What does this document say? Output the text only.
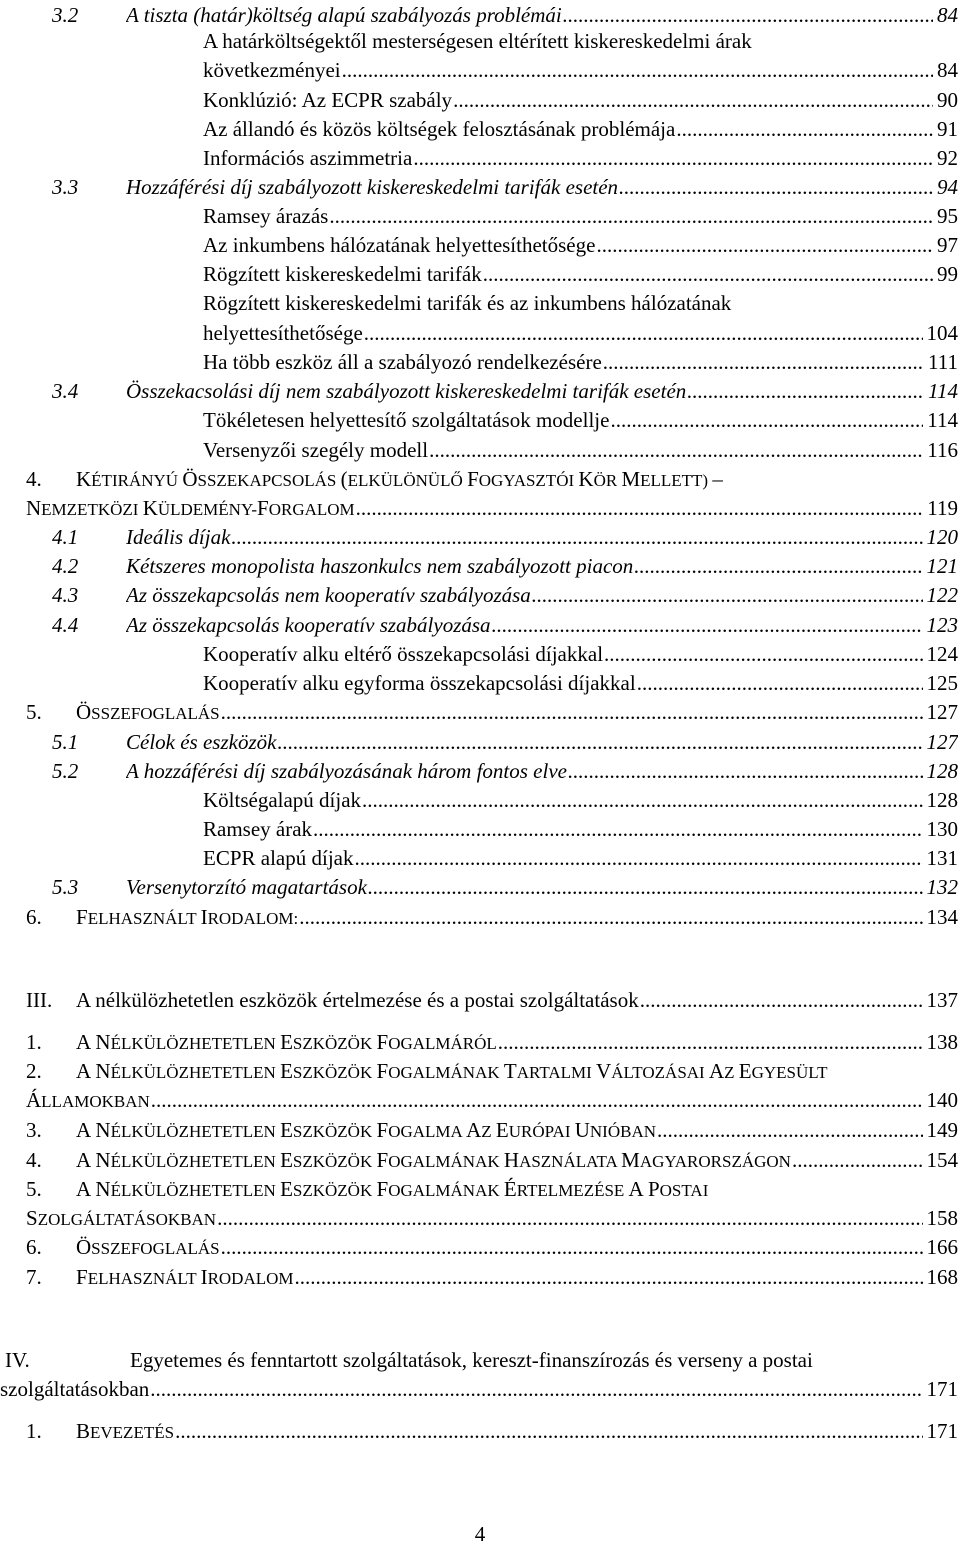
3.2 A tiszta (határ)költség alapú szabályozás problémái .....	84
A határköltségektől mesterségesen eltérített kiskereskedelmi árak
következményei .....	84
Konklúzió: Az ECPR szabály .....	90
Az állandó és közös költségek felosztásának problémája .....	91
Információs aszimmetria .....	92
3.3 Hozzáférési díj szabályozott kiskereskedelmi tarifák esetén .....	94
Ramsey árazás .....	95
Az inkumbens hálózatának helyettesíthetősége .....	97
Rögzített kiskereskedelmi tarifák .....	99
Rögzített kiskereskedelmi tarifák és az inkumbens hálózatának
helyettesíthetősége .....	104
Ha több eszköz áll a szabályozó rendelkezésére .....	111
3.4 Összekacsolási díj nem szabályozott kiskereskedelmi tarifák esetén .....	114
Tökéletesen helyettesítő szolgáltatások modellje .....	114
Versenyzői szegély modell .....	116
4. KÉTIRÁNYÚ ÖSSZEKAPCSOLÁS (ELKÜLÖNÜLŐ FOGYASZTÓI KÖR MELLETT) –
NEMZETKÖZI KÜLDEMÉNY-FORGALOM .....	119
4.1 Ideális díjak .....	120
4.2 Kétszeres monopolista haszonkulcs nem szabályozott piacon .....	121
4.3 Az összekapcsolás nem kooperatív szabályozása .....	122
4.4 Az összekapcsolás kooperatív szabályozása .....	123
Kooperatív alku eltérő összekapcsolási díjakkal .....	124
Kooperatív alku egyforma összekapcsolási díjakkal .....	125
5. ÖSSZEFOGLALÁS .....	127
5.1 Célok és eszközök .....	127
5.2 A hozzáférési díj szabályozásának három fontos elve .....	128
Költségalapú díjak .....	128
Ramsey árak .....	130
ECPR alapú díjak .....	131
5.3 Versenytorzító magatartások .....	132
6. FELHASZNÁLT IRODALOM: .....	134
III. A nélkülözhetetlen eszközök értelmezése és a postai szolgáltatások .....	137
1. A NÉLKÜLÖZHETETLEN ESZKÖZÖK FOGALMÁRÓL .....	138
2. A NÉLKÜLÖZHETETLEN ESZKÖZÖK FOGALMÁNAK TARTALMI VÁLTOZÁSAI AZ EGYESÜLT
ÁLLAMOKBAN .....	140
3. A NÉLKÜLÖZHETETLEN ESZKÖZÖK FOGALMA AZ EURÓPAI UNIÓBAN .....	149
4. A NÉLKÜLÖZHETETLEN ESZKÖZÖK FOGALMÁNAK HASZNÁLATA MAGYARORSZÁGON .....	154
5. A NÉLKÜLÖZHETETLEN ESZKÖZÖK FOGALMÁNAK ÉRTELMEZÉSE A POSTAI
SZOLGÁLTATÁSOKBAN .....	158
6. ÖSSZEFOGLALÁS .....	166
7. FELHASZNÁLT IRODALOM .....	168
IV.	Egyetemes és fenntartott szolgáltatások, kereszt-finanszírozás és verseny a postai
szolgáltatásokban .....	171
1. BEVEZETÉS .....	171
4
